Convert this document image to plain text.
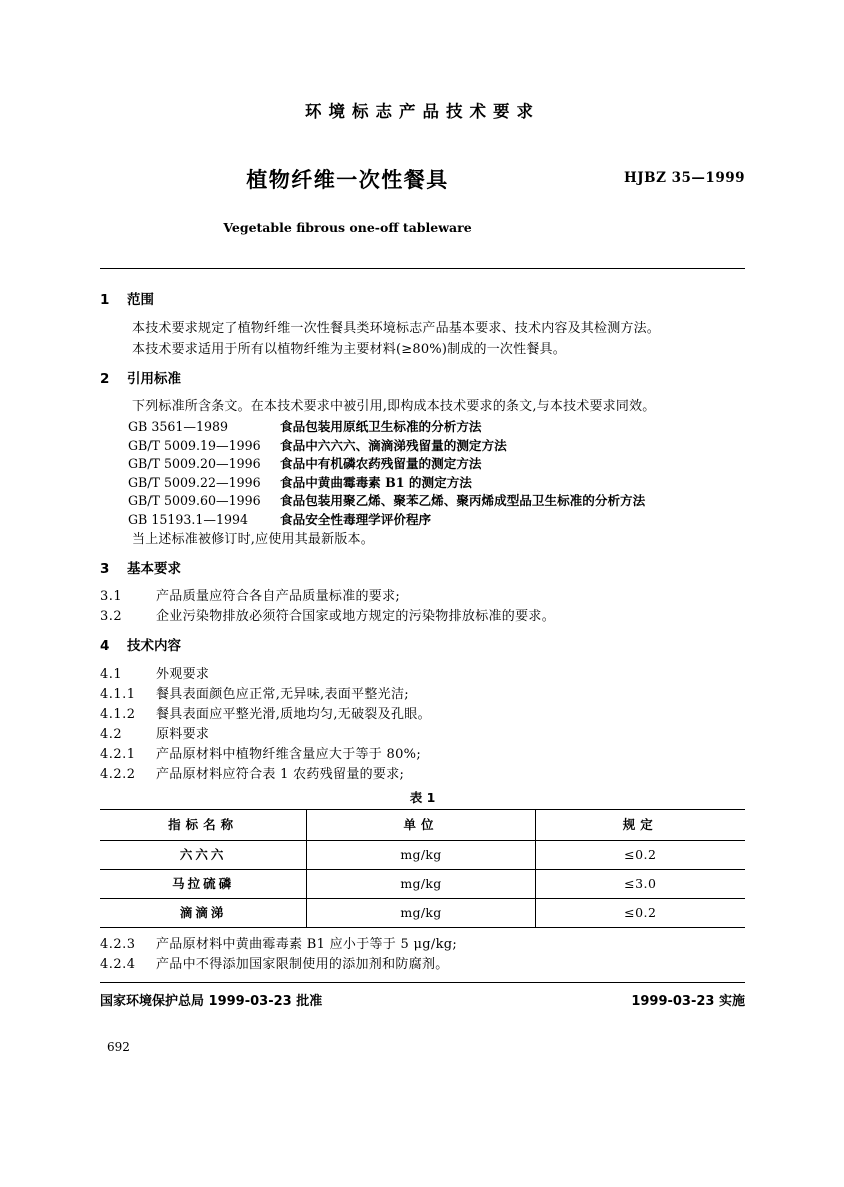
环境标志产品技术要求
植物纤维一次性餐具	HJBZ 35—1999
Vegetable fibrous one-off tableware
1	范围

本技术要求规定了植物纤维一次性餐具类环境标志产品基本要求、技术内容及其检测方法。

本技术要求适用于所有以植物纤维为主要材料(≥80%)制成的一次性餐具。

2	引用标准

下列标准所含条文。在本技术要求中被引用,即构成本技术要求的条文,与本技术要求同效。

GB 3561—1989	食品包装用原纸卫生标准的分析方法

GB/T 5009.19—1996 食品中六六六、滴滴涕残留量的测定方法

GB/T 5009.20—1996 食品中有机磷农药残留量的测定方法

GB/T 5009.22—1996 食品中黄曲霉毒素 B1 的测定方法

GB/T 5009.60—1996 食品包装用聚乙烯、聚苯乙烯、聚丙烯成型品卫生标准的分析方法

GB 15193.1—1994	食品安全性毒理学评价程序

当上述标准被修订时,应使用其最新版本。

3	基本要求
3.1	产品质量应符合各自产品质量标准的要求;
3.2	企业污染物排放必须符合国家或地方规定的污染物排放标准的要求。
4	技术内容
4.1	外观要求
4.1.1	餐具表面颜色应正常,无异味,表面平整光洁;
4.1.2	餐具表面应平整光滑,质地均匀,无破裂及孔眼。
4.2	原料要求
4.2.1	产品原材料中植物纤维含量应大于等于 80%;
4.2.2	产品原材料应符合表 1 农药残留量的要求;
表 1
指标名称	单位	规定
六六六	mg/kg	≤0.2
马拉硫磷	mg/kg	≤3.0
滴滴涕	mg/kg	≤0.2
4.2.3	产品原材料中黄曲霉毒素 B1 应小于等于 5 μg/kg;
4.2.4	产品中不得添加国家限制使用的添加剂和防腐剂。
国家环境保护总局 1999-03-23 批准	1999-03-23 实施
692
